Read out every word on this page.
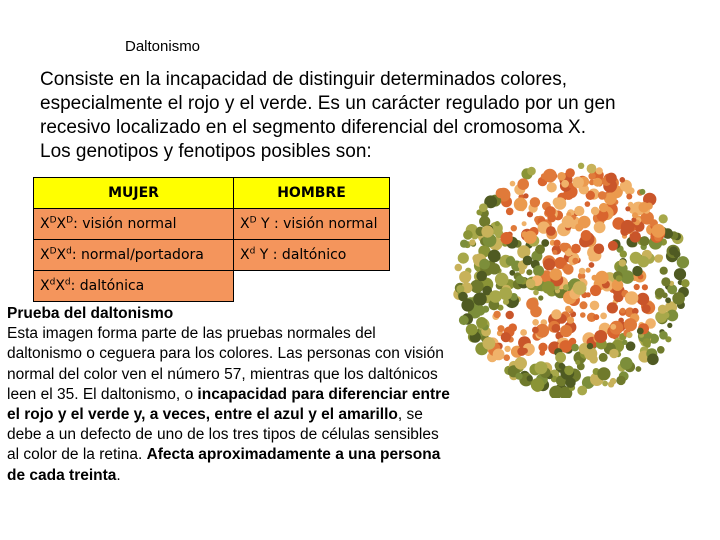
Daltonismo
Consiste en la incapacidad de distinguir determinados colores,
especialmente el rojo y el verde. Es un carácter regulado por un gen
recesivo localizado en el segmento diferencial del cromosoma X.
Los genotipos y fenotipos posibles son:
MUJER	HOMBRE
$X^DX^D$: visión normal	$X^D$ Y : visión normal
$X^DX^d$: normal/portadora	$X^d$ Y : daltónico
$X^dX^d$: daltónica	
Prueba del daltonismo
Esta imagen forma parte de las pruebas normales del daltonismo o ceguera para los colores. Las personas con visión normal del color ven el número 57, mientras que los daltónicos leen el 35. El daltonismo, o incapacidad para diferenciar entre el rojo y el verde y, a veces, entre el azul y el amarillo, se debe a un defecto de uno de los tres tipos de células sensibles al color de la retina. Afecta aproximadamente a una persona de cada treinta.
